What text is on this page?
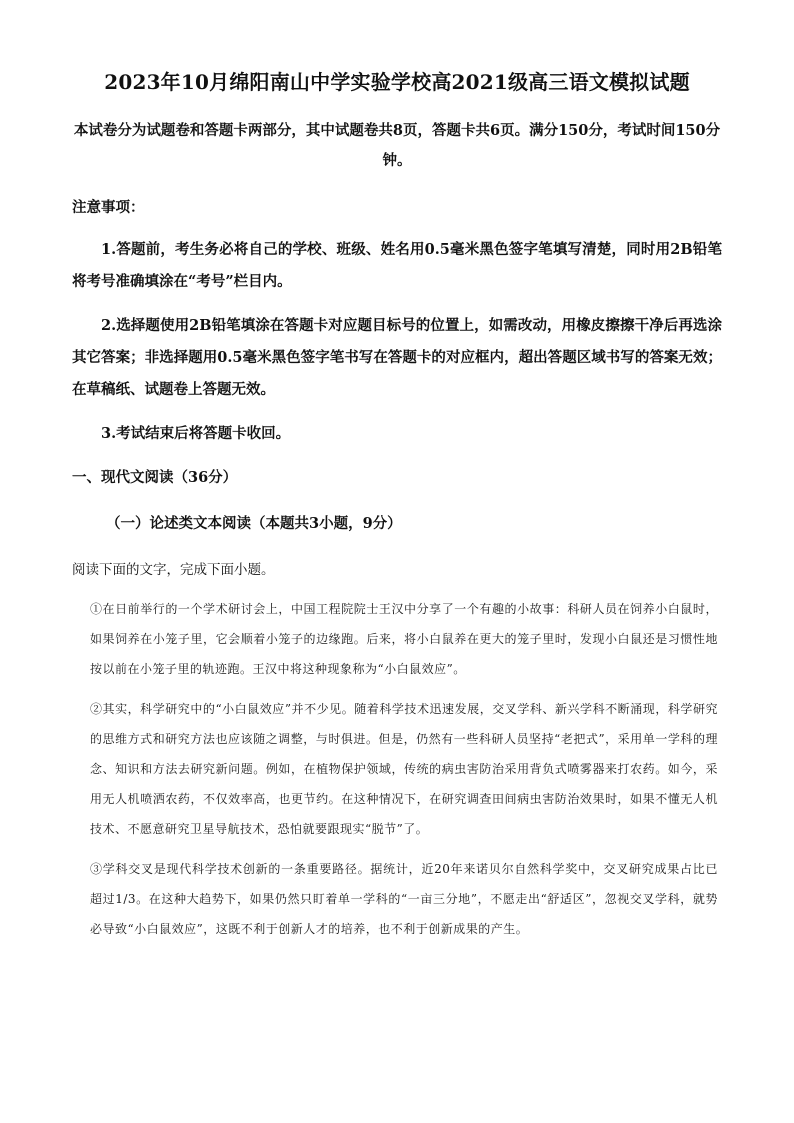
2023年10月绵阳南山中学实验学校高2021级高三语文模拟试题

本试卷分为试题卷和答题卡两部分，其中试题卷共8页，答题卡共6页。满分150分，考试时间150分钟。

注意事项：

1.答题前，考生务必将自己的学校、班级、姓名用0.5毫米黑色签字笔填写清楚，同时用2B铅笔将考号准确填涂在“考号”栏目内。

2.选择题使用2B铅笔填涂在答题卡对应题目标号的位置上，如需改动，用橡皮擦擦干净后再选涂其它答案；非选择题用0.5毫米黑色签字笔书写在答题卡的对应框内，超出答题区域书写的答案无效；在草稿纸、试题卷上答题无效。

3.考试结束后将答题卡收回。

一、现代文阅读（36分）
（一）论述类文本阅读（本题共3小题，9分）
阅读下面的文字，完成下面小题。

①在日前举行的一个学术研讨会上，中国工程院院士王汉中分享了一个有趣的小故事：科研人员在饲养小白鼠时，如果饲养在小笼子里，它会顺着小笼子的边缘跑。后来，将小白鼠养在更大的笼子里时，发现小白鼠还是习惯性地按以前在小笼子里的轨迹跑。王汉中将这种现象称为“小白鼠效应”。

②其实，科学研究中的“小白鼠效应”并不少见。随着科学技术迅速发展，交叉学科、新兴学科不断涌现，科学研究的思维方式和研究方法也应该随之调整，与时俱进。但是，仍然有一些科研人员坚持“老把式”，采用单一学科的理念、知识和方法去研究新问题。例如，在植物保护领域，传统的病虫害防治采用背负式喷雾器来打农药。如今，采用无人机喷洒农药，不仅效率高，也更节约。在这种情况下，在研究调查田间病虫害防治效果时，如果不懂无人机技术、不愿意研究卫星导航技术，恐怕就要跟现实“脱节”了。

③学科交叉是现代科学技术创新的一条重要路径。据统计，近20年来诺贝尔自然科学奖中，交叉研究成果占比已超过1/3。在这种大趋势下，如果仍然只盯着单一学科的“一亩三分地”，不愿走出“舒适区”，忽视交叉学科，就势必导致“小白鼠效应”，这既不利于创新人才的培养，也不利于创新成果的产生。
